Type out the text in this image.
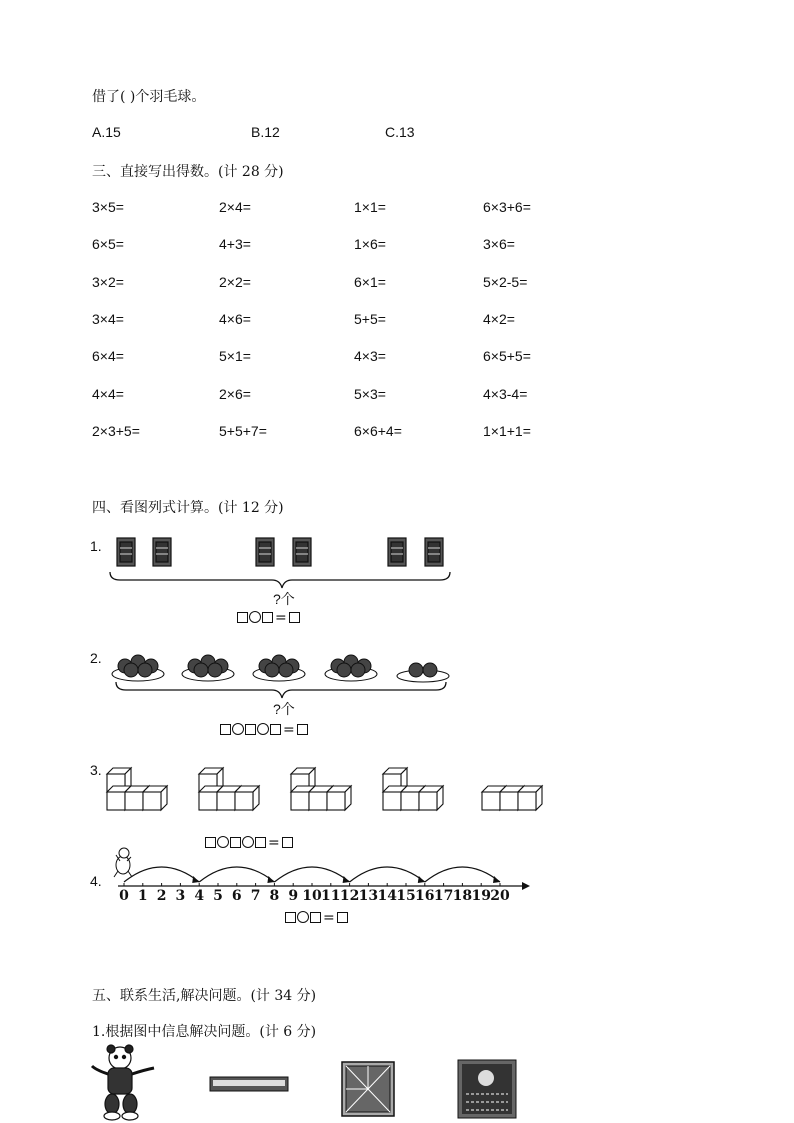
借了( )个羽毛球。
A.15	B.12	C.13
三、直接写出得数。(计 28 分)
3×5=	2×4=	1×1=	6×3+6=
6×5=	4+3=	1×6=	3×6=
3×2=	2×2=	6×1=	5×2-5=
3×4=	4×6=	5+5=	4×2=
6×4=	5×1=	4×3=	6×5+5=
4×4=	2×6=	5×3=	4×3-4=
2×3+5=	5+5+7=	6×6+4=	1×1+1=
四、看图列式计算。(计 12 分)
1.
?个
=
2.
?个
=
3.
=
4.
0 1 2 3 4 5 6 7 8 9 10 11 12 13 14 15 16 17 18 19 20
=
五、联系生活,解决问题。(计 34 分)
1.根据图中信息解决问题。(计 6 分)
